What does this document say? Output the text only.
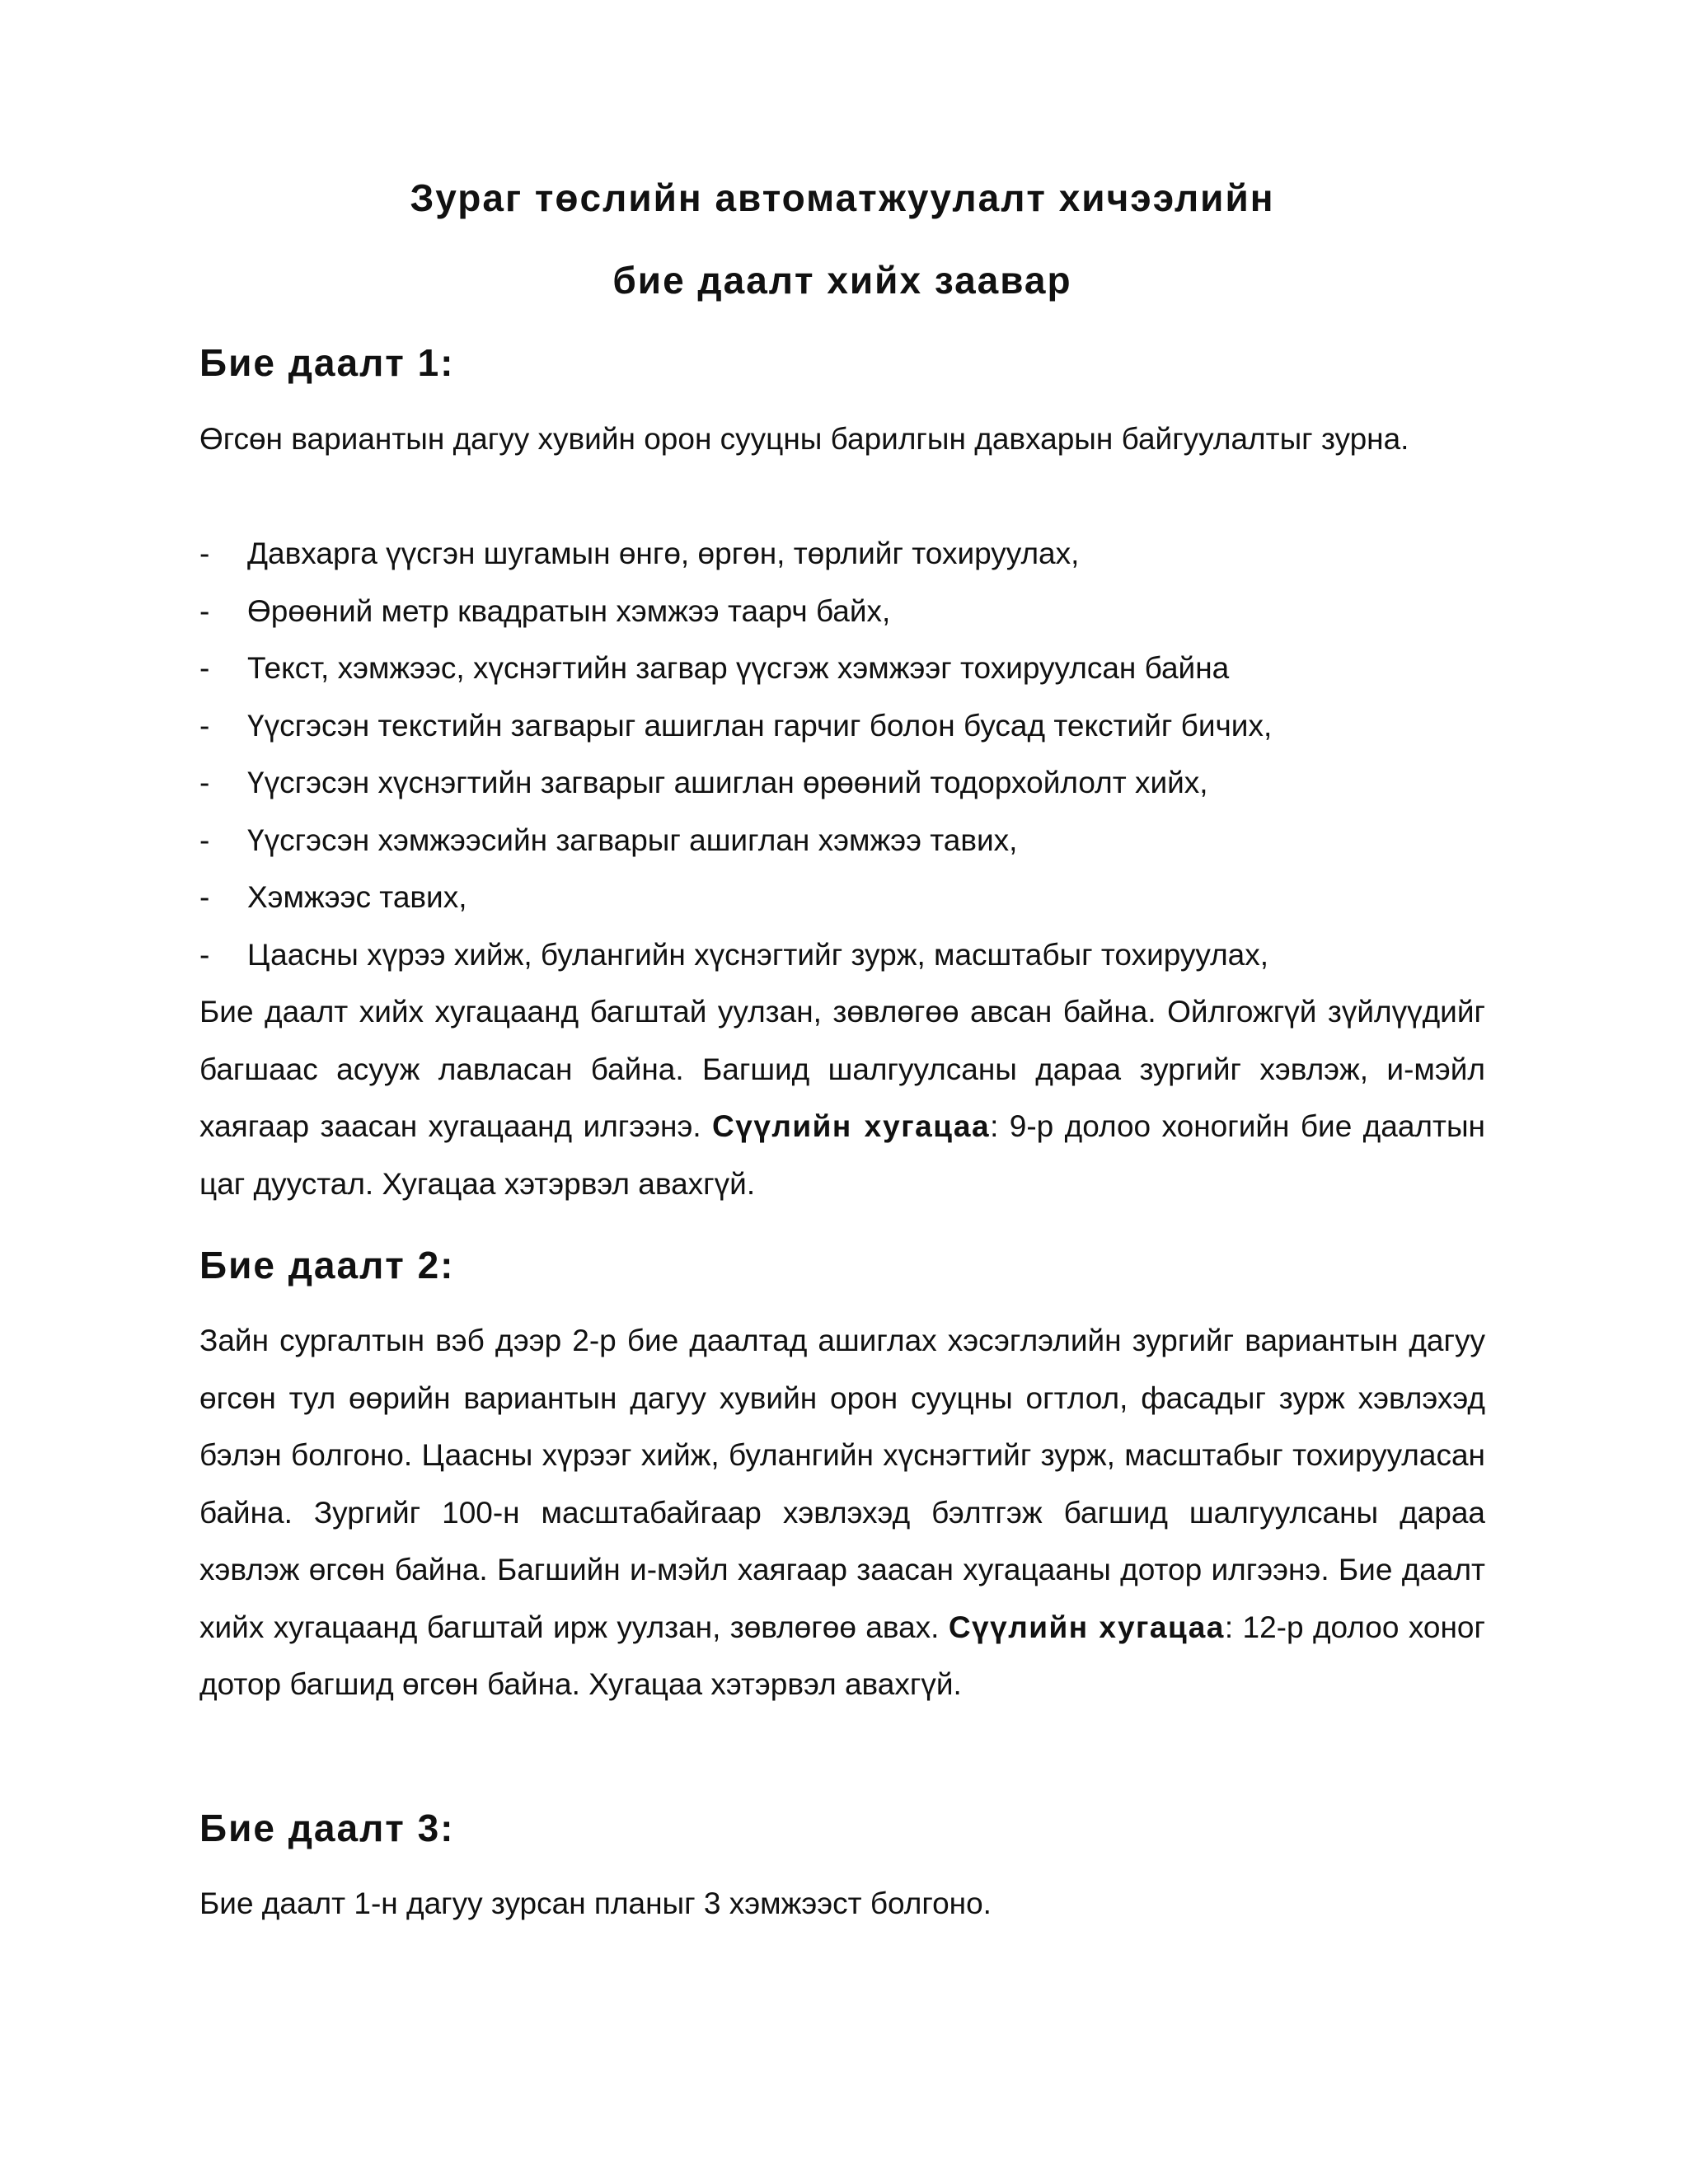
Зураг төслийн автоматжуулалт хичээлийн
бие даалт хийх заавар
Бие даалт 1:

Өгсөн вариантын дагуу хувийн орон сууцны барилгын давхарын байгуулалтыг зурна.

- Давхарга үүсгэн шугамын өнгө, өргөн, төрлийг тохируулах,
- Өрөөний метр квадратын хэмжээ таарч байх,
- Текст, хэмжээс, хүснэгтийн загвар үүсгэж хэмжээг тохируулсан байна
- Үүсгэсэн текстийн загварыг ашиглан гарчиг болон бусад текстийг бичих,
- Үүсгэсэн хүснэгтийн загварыг ашиглан өрөөний тодорхойлолт хийх,
- Үүсгэсэн хэмжээсийн загварыг ашиглан хэмжээ тавих,
- Хэмжээс тавих,
- Цаасны хүрээ хийж, булангийн хүснэгтийг зурж, масштабыг тохируулах,

Бие даалт хийх хугацаанд багштай уулзан, зөвлөгөө авсан байна. Ойлгожгүй зүйлүүдийг багшаас асууж лавласан байна. Багшид шалгуулсаны дараа зургийг хэвлэж, и-мэйл хаягаар заасан хугацаанд илгээнэ. Сүүлийн хугацаа: 9-р долоо хоногийн бие даалтын цаг дуустал. Хугацаа хэтэрвэл авахгүй.

Бие даалт 2:

Зайн сургалтын вэб дээр 2-р бие даалтад ашиглах хэсэглэлийн зургийг вариантын дагуу өгсөн тул өөрийн вариантын дагуу хувийн орон сууцны огтлол, фасадыг зурж хэвлэхэд бэлэн болгоно. Цаасны хүрээг хийж, булангийн хүснэгтийг зурж, масштабыг тохирууласан байна. Зургийг 100-н масштабайгаар хэвлэхэд бэлтгэж багшид шалгуулсаны дараа хэвлэж өгсөн байна. Багшийн и-мэйл хаягаар заасан хугацааны дотор илгээнэ. Бие даалт хийх хугацаанд багштай ирж уулзан, зөвлөгөө авах. Сүүлийн хугацаа: 12-р долоо хоног дотор багшид өгсөн байна. Хугацаа хэтэрвэл авахгүй.

Бие даалт 3:

Бие даалт 1-н дагуу зурсан планыг 3 хэмжээст болгоно.
